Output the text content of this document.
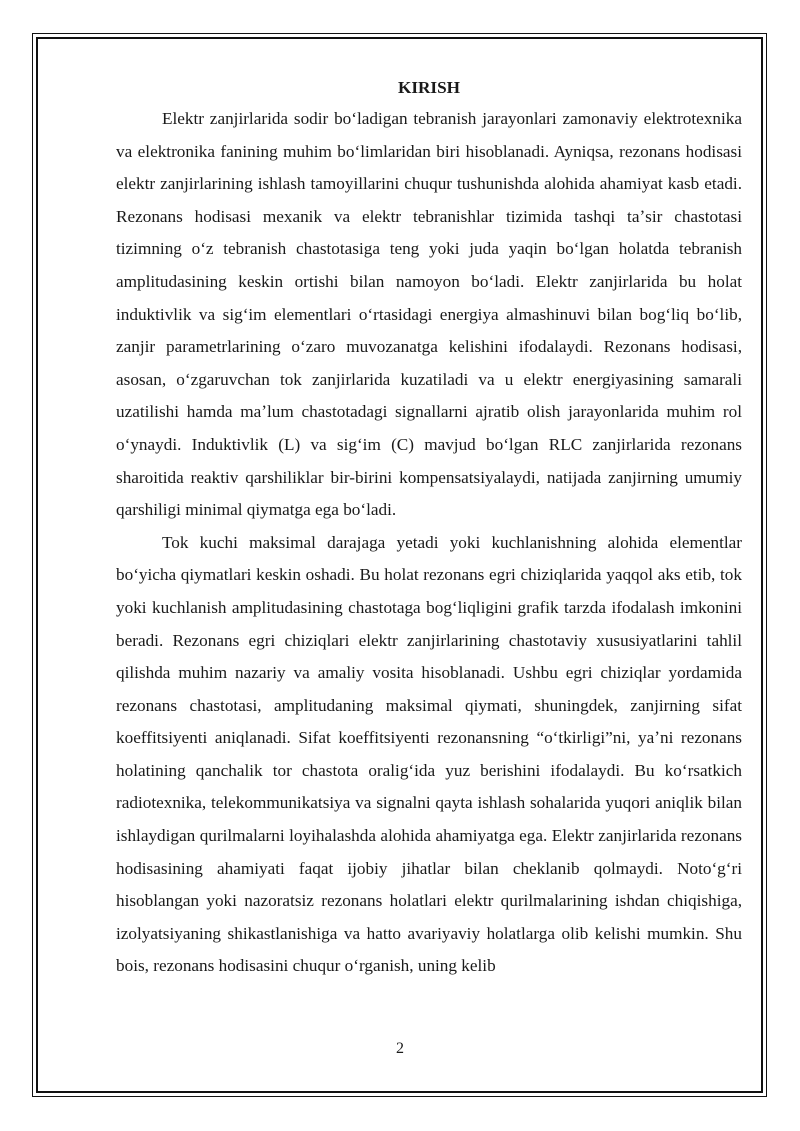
KIRISH

Elektr zanjirlarida sodir boʻladigan tebranish jarayonlari zamonaviy elektrotexnika va elektronika fanining muhim boʻlimlaridan biri hisoblanadi. Ayniqsa, rezonans hodisasi elektr zanjirlarining ishlash tamoyillarini chuqur tushunishda alohida ahamiyat kasb etadi. Rezonans hodisasi mexanik va elektr tebranishlar tizimida tashqi taʼsir chastotasi tizimning oʻz tebranish chastotasiga teng yoki juda yaqin boʻlgan holatda tebranish amplitudasining keskin ortishi bilan namoyon boʻladi. Elektr zanjirlarida bu holat induktivlik va sigʻim elementlari oʻrtasidagi energiya almashinuvi bilan bogʻliq boʻlib, zanjir parametrlarining oʻzaro muvozanatga kelishini ifodalaydi. Rezonans hodisasi, asosan, oʻzgaruvchan tok zanjirlarida kuzatiladi va u elektr energiyasining samarali uzatilishi hamda maʼlum chastotadagi signallarni ajratib olish jarayonlarida muhim rol oʻynaydi. Induktivlik (L) va sigʻim (C) mavjud boʻlgan RLC zanjirlarida rezonans sharoitida reaktiv qarshiliklar bir-birini kompensatsiyalaydi, natijada zanjirning umumiy qarshiligi minimal qiymatga ega boʻladi.

Tok kuchi maksimal darajaga yetadi yoki kuchlanishning alohida elementlar boʻyicha qiymatlari keskin oshadi. Bu holat rezonans egri chiziqlarida yaqqol aks etib, tok yoki kuchlanish amplitudasining chastotaga bogʻliqligini grafik tarzda ifodalash imkonini beradi. Rezonans egri chiziqlari elektr zanjirlarining chastotaviy xususiyatlarini tahlil qilishda muhim nazariy va amaliy vosita hisoblanadi. Ushbu egri chiziqlar yordamida rezonans chastotasi, amplitudaning maksimal qiymati, shuningdek, zanjirning sifat koeffitsiyenti aniqlanadi. Sifat koeffitsiyenti rezonansning “oʻtkirligi”ni, yaʼni rezonans holatining qanchalik tor chastota oraligʻida yuz berishini ifodalaydi. Bu koʻrsatkich radiotexnika, telekommunikatsiya va signalni qayta ishlash sohalarida yuqori aniqlik bilan ishlaydigan qurilmalarni loyihalashda alohida ahamiyatga ega. Elektr zanjirlarida rezonans hodisasining ahamiyati faqat ijobiy jihatlar bilan cheklanib qolmaydi. Notoʻgʻri hisoblangan yoki nazoratsiz rezonans holatlari elektr qurilmalarining ishdan chiqishiga, izolyatsiyaning shikastlanishiga va hatto avariyaviy holatlarga olib kelishi mumkin. Shu bois, rezonans hodisasini chuqur oʻrganish, uning kelib

2
